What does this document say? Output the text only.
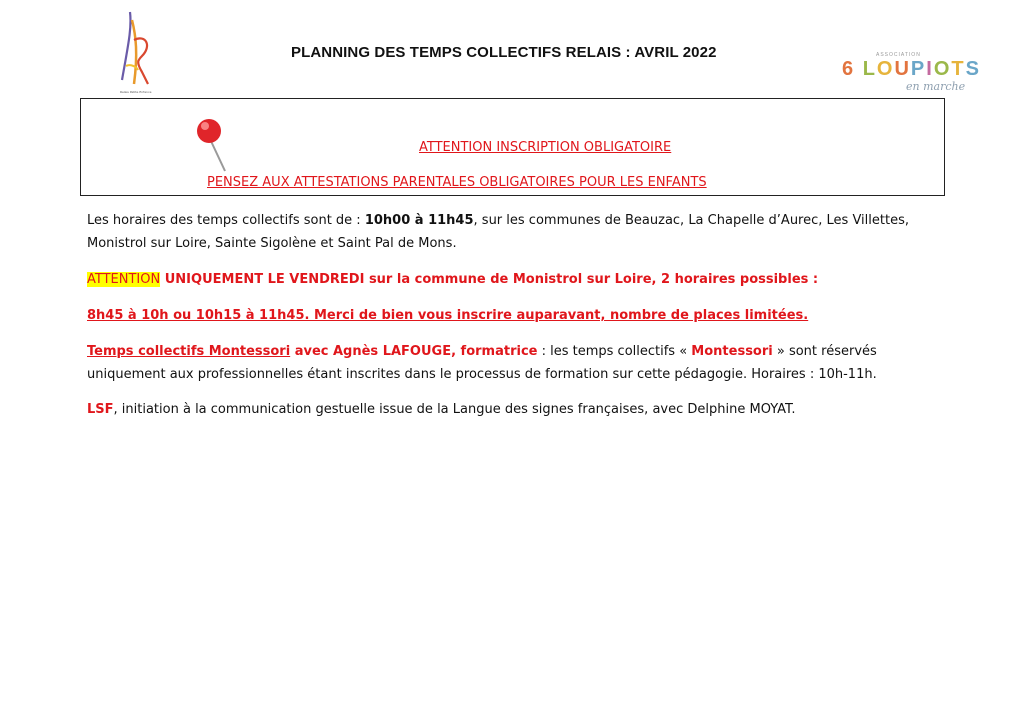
Relais Petite Enfance
PLANNING DES TEMPS COLLECTIFS RELAIS : AVRIL 2022	ASSOCIATION
6 LOUPIOTS
en marche
ATTENTION INSCRIPTION OBLIGATOIRE
PENSEZ AUX ATTESTATIONS PARENTALES OBLIGATOIRES POUR LES ENFANTS
Les horaires des temps collectifs sont de : 10h00 à 11h45, sur les communes de Beauzac, La Chapelle d’Aurec, Les Villettes,
Monistrol sur Loire, Sainte Sigolène et Saint Pal de Mons.
ATTENTION UNIQUEMENT LE VENDREDI sur la commune de Monistrol sur Loire, 2 horaires possibles :
8h45 à 10h ou 10h15 à 11h45. Merci de bien vous inscrire auparavant, nombre de places limitées.
Temps collectifs Montessori avec Agnès LAFOUGE, formatrice : les temps collectifs « Montessori » sont réservés
uniquement aux professionnelles étant inscrites dans le processus de formation sur cette pédagogie. Horaires : 10h-11h.
LSF, initiation à la communication gestuelle issue de la Langue des signes françaises, avec Delphine MOYAT.
